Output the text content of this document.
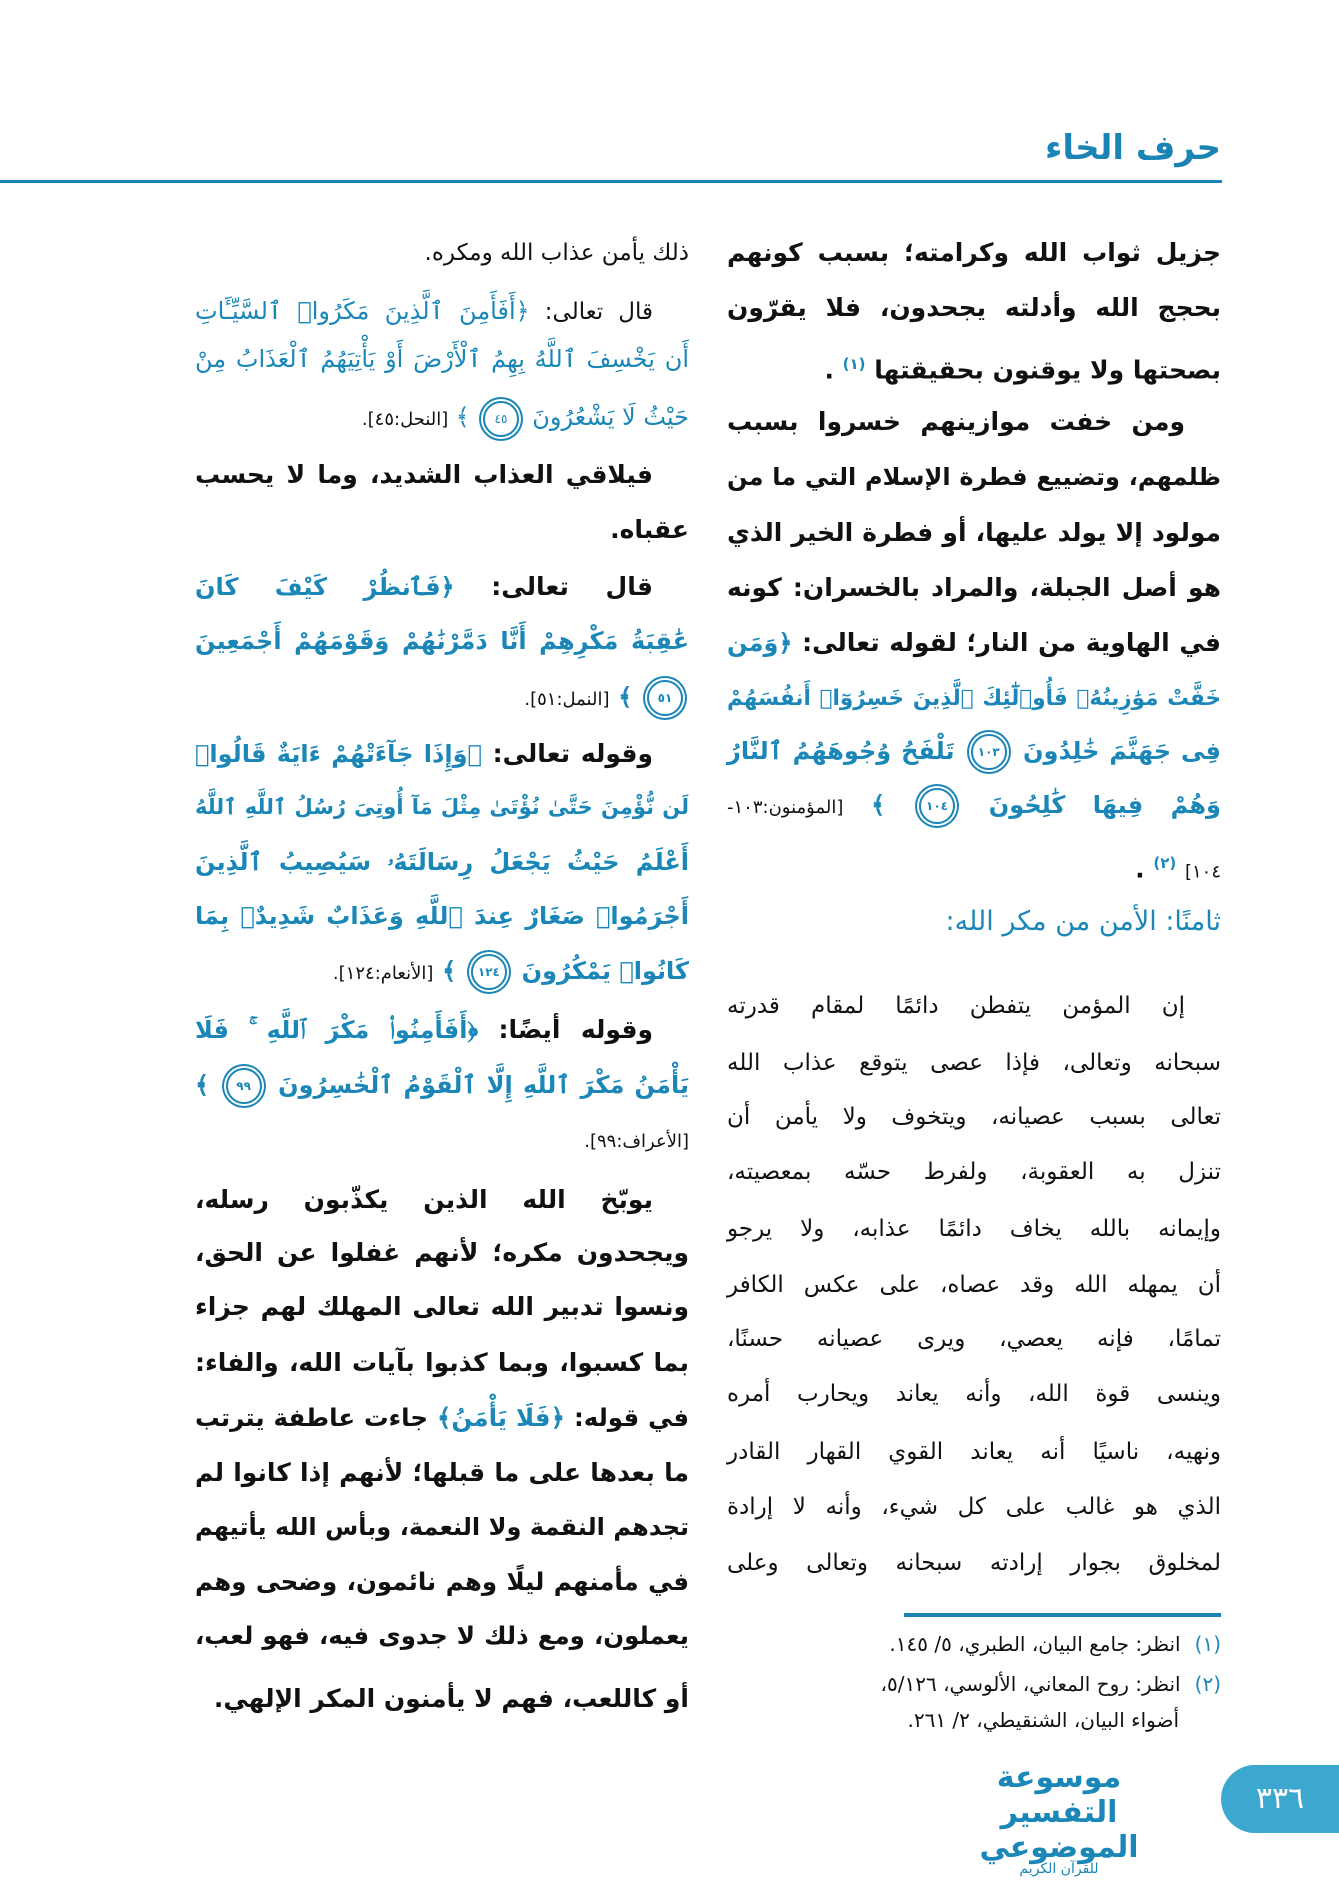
حرف الخاء
جزيل ثواب الله وكرامته؛ بسبب كونهم
بحجج الله وأدلته يجحدون، فلا يقرّون
بصحتها ولا يوقنون بحقيقتها $^{(١)}$ .
ومن خفت موازينهم خسروا بسبب
ظلمهم، وتضييع فطرة الإسلام التي ما من
مولود إلا يولد عليها، أو فطرة الخير الذي
هو أصل الجبلة، والمراد بالخسران: كونه
في الهاوية من النار؛ لقوله تعالى: ﴿وَمَن
خَفَّتْ مَوَٰزِينُهُۥ فَأُو۟لَٰٓئِكَ ٱلَّذِينَ خَسِرُوٓا۟ أَنفُسَهُمْ
فِى جَهَنَّمَ خَٰلِدُونَ ١٠٣ تَلْفَحُ وُجُوهَهُمُ ٱلنَّارُ
وَهُمْ فِيهَا كَٰلِحُونَ ١٠٤ ﴾ [المؤمنون:١٠٣-
١٠٤] $^{(٢)}$ .
إن المؤمن يتفطن دائمًا لمقام قدرته
سبحانه وتعالى، فإذا عصى يتوقع عذاب الله
تعالى بسبب عصيانه، ويتخوف ولا يأمن أن
تنزل به العقوبة، ولفرط حسّه بمعصيته،
وإيمانه بالله يخاف دائمًا عذابه، ولا يرجو
أن يمهله الله وقد عصاه، على عكس الكافر
تمامًا، فإنه يعصي، ويرى عصيانه حسنًا،
وينسى قوة الله، وأنه يعاند ويحارب أمره
ونهيه، ناسيًا أنه يعاند القوي القهار القادر
الذي هو غالب على كل شيء، وأنه لا إرادة
لمخلوق بجوار إرادته سبحانه وتعالى وعلى
ثامنًا: الأمن من مكر الله:
ذلك يأمن عذاب الله ومكره.
قال تعالى: ﴿أَفَأَمِنَ ٱلَّذِينَ مَكَرُوا۟ ٱلسَّيِّـَٔاتِ
أَن يَخْسِفَ ٱللَّهُ بِهِمُ ٱلْأَرْضَ أَوْ يَأْتِيَهُمُ ٱلْعَذَابُ مِنْ
حَيْثُ لَا يَشْعُرُونَ ٤٥ ﴾ [النحل:٤٥].
فيلاقي العذاب الشديد، وما لا يحسب
عقباه.
قال تعالى: ﴿فَٱنظُرْ كَيْفَ كَانَ
عَٰقِبَةُ مَكْرِهِمْ أَنَّا دَمَّرْنَٰهُمْ وَقَوْمَهُمْ أَجْمَعِينَ
٥١ ﴾ [النمل:٥١].
وقوله تعالى: ﴿وَإِذَا جَآءَتْهُمْ ءَايَةٌ قَالُوا۟
لَن نُّؤْمِنَ حَتَّىٰ نُؤْتَىٰ مِثْلَ مَآ أُوتِىَ رُسُلُ ٱللَّهِ ٱللَّهُ
أَعْلَمُ حَيْثُ يَجْعَلُ رِسَالَتَهُۥ سَيُصِيبُ ٱلَّذِينَ
أَجْرَمُوا۟ صَغَارٌ عِندَ ٱللَّهِ وَعَذَابٌ شَدِيدٌۢ بِمَا
كَانُوا۟ يَمْكُرُونَ ١٢٤ ﴾ [الأنعام:١٢٤].
وقوله أيضًا: ﴿أَفَأَمِنُوا۟ مَكْرَ ٱللَّهِ ۚ فَلَا
يَأْمَنُ مَكْرَ ٱللَّهِ إِلَّا ٱلْقَوْمُ ٱلْخَٰسِرُونَ ٩٩ ﴾
[الأعراف:٩٩].
يوبّخ الله الذين يكذّبون رسله،
ويجحدون مكره؛ لأنهم غفلوا عن الحق،
ونسوا تدبير الله تعالى المهلك لهم جزاء
بما كسبوا، وبما كذبوا بآيات الله، والفاء:
في قوله: ﴿فَلَا يَأْمَنُ﴾ جاءت عاطفة يترتب
ما بعدها على ما قبلها؛ لأنهم إذا كانوا لم
تجدهم النقمة ولا النعمة، وبأس الله يأتيهم
في مأمنهم ليلًا وهم نائمون، وضحى وهم
يعملون، ومع ذلك لا جدوى فيه، فهو لعب،
أو كاللعب، فهم لا يأمنون المكر الإلهي.
(١)انظر: جامع البيان، الطبري، ٥/ ١٤٥.
(٢)انظر: روح المعاني، الألوسي، ٥/١٢٦،
أضواء البيان، الشنقيطي، ٢/ ٢٦١.
موسوعة التفسير الموضوعي
للقرآن الكريم
٣٣٦
